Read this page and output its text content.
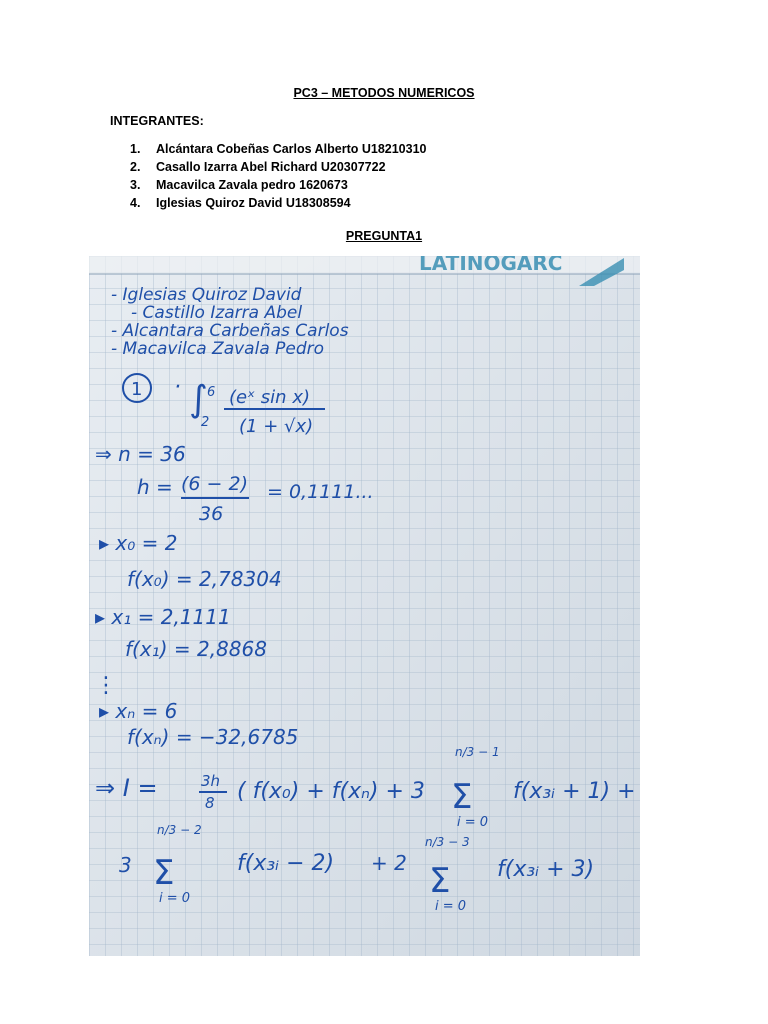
PC3 – METODOS NUMERICOS
INTEGRANTES:
1.	Alcántara Cobeñas Carlos Alberto U18210310
2.	Casallo Izarra Abel Richard U20307722
3.	Macavilca Zavala pedro 1620673
4.	Iglesias Quiroz David U18308594
PREGUNTA1
LATINOGARC
- Iglesias Quiroz David
- Castillo Izarra Abel
- Alcantara Carbeñas Carlos
- Macavilca Zavala Pedro
1 · ∫ 6
2
(eˣ sin x)
(1 + √x)
⇒ n = 36
h = (6 − 2)
36
= 0,1111...
▸ x₀ = 2
f(x₀) = 2,78304
▸ x₁ = 2,1111
f(x₁) = 2,8868
⋮
▸ xₙ = 6
f(xₙ) = −32,6785
⇒ I =	3h
8 ( f(x₀) + f(xₙ) + 3
n/3 − 1
Σ
i = 0
f(x₃ᵢ + 1) +
3
n/3 − 2
Σ
i = 0
f(x₃ᵢ − 2) + 2
n/3 − 3
Σ
i = 0
f(x₃ᵢ + 3)
